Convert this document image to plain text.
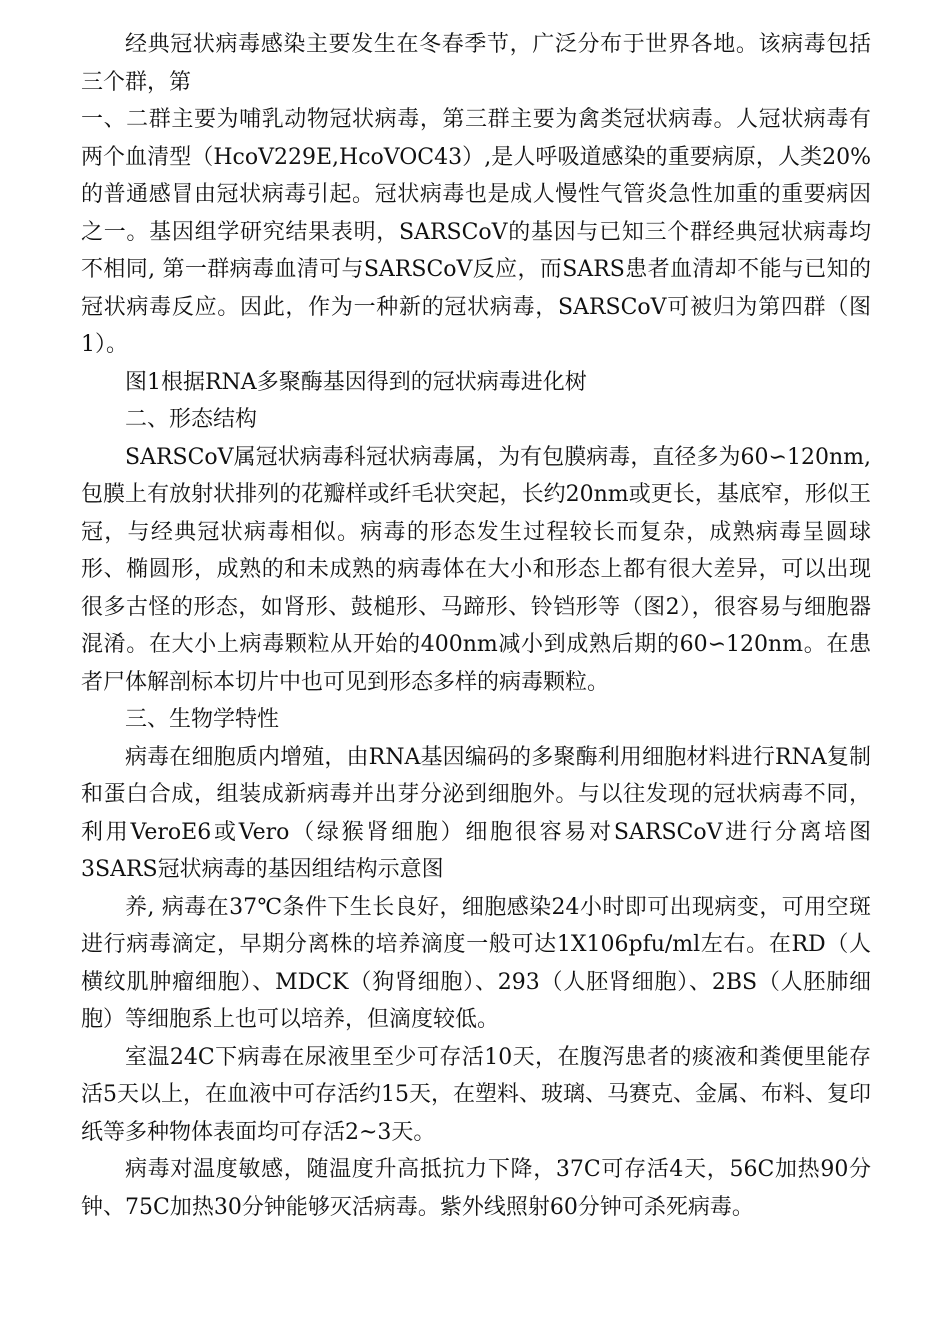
经典冠状病毒感染主要发生在冬春季节，广泛分布于世界各地。该病毒包括三个群，第

一、二群主要为哺乳动物冠状病毒，第三群主要为禽类冠状病毒。人冠状病毒有两个血清型（HcoV229E,HcoVOC43）,是人呼吸道感染的重要病原，人类20%的普通感冒由冠状病毒引起。冠状病毒也是成人慢性气管炎急性加重的重要病因之一。基因组学研究结果表明，SARSCoV的基因与已知三个群经典冠状病毒均不相同, 第一群病毒血清可与SARSCoV反应，而SARS患者血清却不能与已知的冠状病毒反应。因此，作为一种新的冠状病毒，SARSCoV可被归为第四群（图1）。

图1根据RNA多聚酶基因得到的冠状病毒进化树

二、形态结构

SARSCoV属冠状病毒科冠状病毒属，为有包膜病毒，直径多为60∽120nm, 包膜上有放射状排列的花瓣样或纤毛状突起，长约20nm或更长，基底窄，形似王冠，与经典冠状病毒相似。病毒的形态发生过程较长而复杂，成熟病毒呈圆球形、椭圆形，成熟的和未成熟的病毒体在大小和形态上都有很大差异，可以出现很多古怪的形态，如肾形、鼓槌形、马蹄形、铃铛形等（图2），很容易与细胞器混淆。在大小上病毒颗粒从开始的400nm减小到成熟后期的60∽120nm。在患者尸体解剖标本切片中也可见到形态多样的病毒颗粒。

三、生物学特性

病毒在细胞质内增殖，由RNA基因编码的多聚酶利用细胞材料进行RNA复制和蛋白合成，组装成新病毒并出芽分泌到细胞外。与以往发现的冠状病毒不同，利用VeroE6或Vero（绿猴肾细胞）细胞很容易对SARSCoV进行分离培图3SARS冠状病毒的基因组结构示意图

养, 病毒在37℃条件下生长良好，细胞感染24小时即可出现病变，可用空斑进行病毒滴定，早期分离株的培养滴度一般可达1X106pfu/ml左右。在RD（人横纹肌肿瘤细胞）、MDCK（狗肾细胞）、293（人胚肾细胞）、2BS（人胚肺细胞）等细胞系上也可以培养，但滴度较低。

室温24C下病毒在尿液里至少可存活10天，在腹泻患者的痰液和粪便里能存活5天以上，在血液中可存活约15天，在塑料、玻璃、马赛克、金属、布料、复印纸等多种物体表面均可存活2~3天。

病毒对温度敏感，随温度升高抵抗力下降，37C可存活4天，56C加热90分钟、75C加热30分钟能够灭活病毒。紫外线照射60分钟可杀死病毒。
